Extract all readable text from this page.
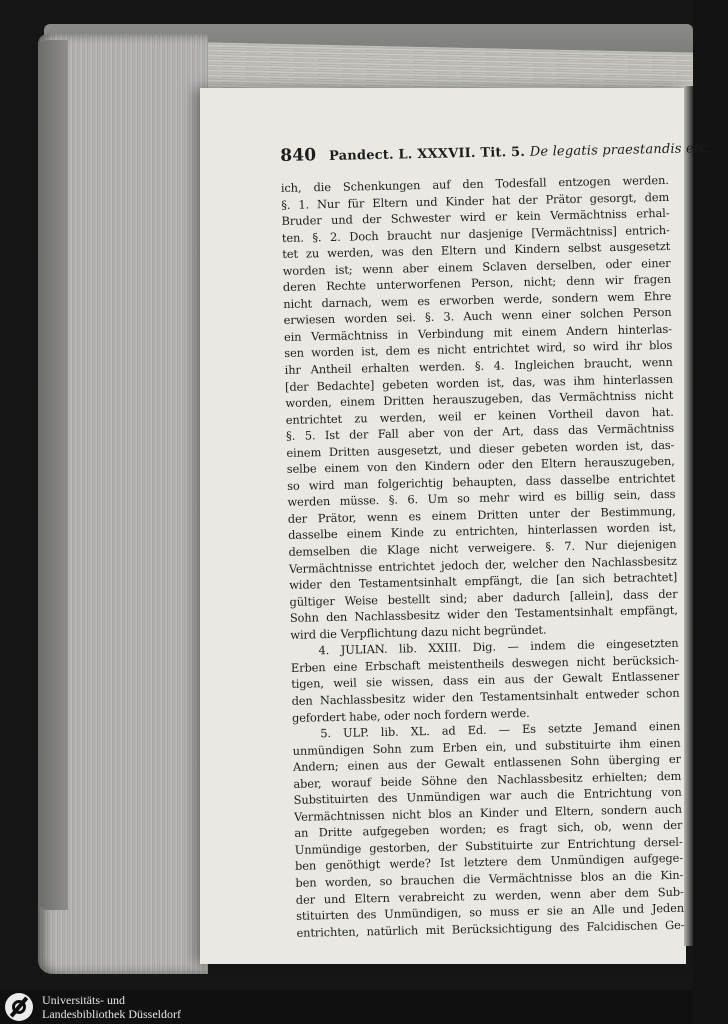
840 Pandect. L. XXXVII. Tit. 5. De legatis praestandis etc.
ich, die Schenkungen auf den Todesfall entzogen werden.
§. 1. Nur für Eltern und Kinder hat der Prätor gesorgt, dem
Bruder und der Schwester wird er kein Vermächtniss erhal-
ten. §. 2. Doch braucht nur dasjenige [Vermächtniss] entrich-
tet zu werden, was den Eltern und Kindern selbst ausgesetzt
worden ist; wenn aber einem Sclaven derselben, oder einer
deren Rechte unterworfenen Person, nicht; denn wir fragen
nicht darnach, wem es erworben werde, sondern wem Ehre
erwiesen worden sei. §. 3. Auch wenn einer solchen Person
ein Vermächtniss in Verbindung mit einem Andern hinterlas-
sen worden ist, dem es nicht entrichtet wird, so wird ihr blos
ihr Antheil erhalten werden. §. 4. Ingleichen braucht, wenn
[der Bedachte] gebeten worden ist, das, was ihm hinterlassen
worden, einem Dritten herauszugeben, das Vermächtniss nicht
entrichtet zu werden, weil er keinen Vortheil davon hat.
§. 5. Ist der Fall aber von der Art, dass das Vermächtniss
einem Dritten ausgesetzt, und dieser gebeten worden ist, das-
selbe einem von den Kindern oder den Eltern herauszugeben,
so wird man folgerichtig behaupten, dass dasselbe entrichtet
werden müsse. §. 6. Um so mehr wird es billig sein, dass
der Prätor, wenn es einem Dritten unter der Bestimmung,
dasselbe einem Kinde zu entrichten, hinterlassen worden ist,
demselben die Klage nicht verweigere. §. 7. Nur diejenigen
Vermächtnisse entrichtet jedoch der, welcher den Nachlassbesitz
wider den Testamentsinhalt empfängt, die [an sich betrachtet]
gültiger Weise bestellt sind; aber dadurch [allein], dass der
Sohn den Nachlassbesitz wider den Testamentsinhalt empfängt,
wird die Verpflichtung dazu nicht begründet.
4. JULIAN. lib. XXIII. Dig. — indem die eingesetzten
Erben eine Erbschaft meistentheils deswegen nicht berücksich-
tigen, weil sie wissen, dass ein aus der Gewalt Entlassener
den Nachlassbesitz wider den Testamentsinhalt entweder schon
gefordert habe, oder noch fordern werde.
5. ULP. lib. XL. ad Ed. — Es setzte Jemand einen
unmündigen Sohn zum Erben ein, und substituirte ihm einen
Andern; einen aus der Gewalt entlassenen Sohn überging er
aber, worauf beide Söhne den Nachlassbesitz erhielten; dem
Substituirten des Unmündigen war auch die Entrichtung von
Vermächtnissen nicht blos an Kinder und Eltern, sondern auch
an Dritte aufgegeben worden; es fragt sich, ob, wenn der
Unmündige gestorben, der Substituirte zur Entrichtung dersel-
ben genöthigt werde? Ist letztere dem Unmündigen aufgege-
ben worden, so brauchen die Vermächtnisse blos an die Kin-
der und Eltern verabreicht zu werden, wenn aber dem Sub-
stituirten des Unmündigen, so muss er sie an Alle und Jeden
entrichten, natürlich mit Berücksichtigung des Falcidischen Ge-
Universitäts- und
Landesbibliothek Düsseldorf
